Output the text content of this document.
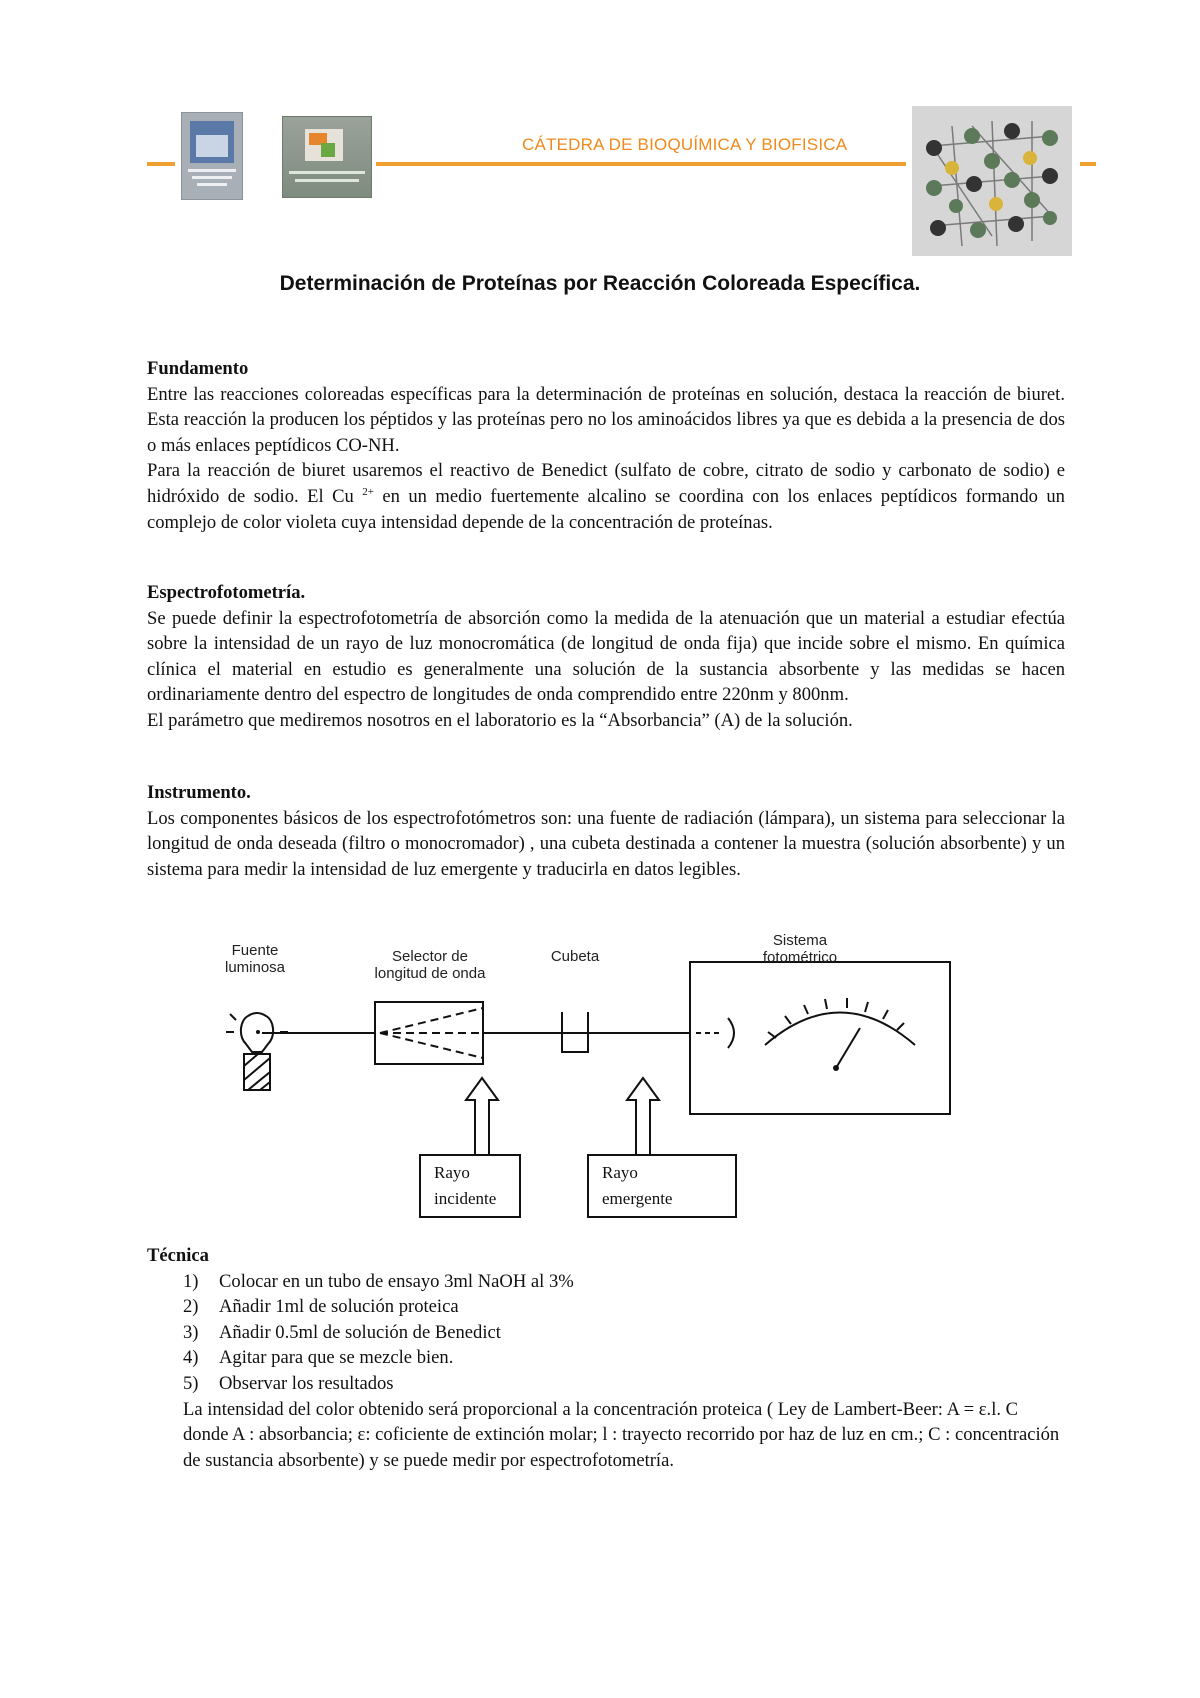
CÁTEDRA DE BIOQUÍMICA Y BIOFISICA
Determinación de Proteínas por Reacción Coloreada Específica.
Fundamento

Entre las reacciones coloreadas específicas para la determinación de proteínas en solución, destaca la reacción de biuret. Esta reacción la producen los péptidos y las proteínas pero no los aminoácidos libres ya que es debida a la presencia de dos o más enlaces peptídicos CO-NH.

Para la reacción de biuret usaremos el reactivo de Benedict (sulfato de cobre, citrato de sodio y carbonato de sodio) e hidróxido de sodio. El Cu $^{2+}$ en un medio fuertemente alcalino se coordina con los enlaces peptídicos formando un complejo de color violeta cuya intensidad depende de la concentración de proteínas.

Espectrofotometría.

Se puede definir la espectrofotometría de absorción como la medida de la atenuación que un material a estudiar efectúa sobre la intensidad de un rayo de luz monocromática (de longitud de onda fija) que incide sobre el mismo. En química clínica el material en estudio es generalmente una solución de la sustancia absorbente y las medidas se hacen ordinariamente dentro del espectro de longitudes de onda comprendido entre 220nm y 800nm.

El parámetro que mediremos nosotros en el laboratorio es la “Absorbancia” (A) de la solución.

Instrumento.

Los componentes básicos de los espectrofotómetros son: una fuente de radiación (lámpara), un sistema para seleccionar la longitud de onda deseada (filtro o monocromador) , una cubeta destinada a contener la muestra (solución absorbente) y un sistema para medir la intensidad de luz emergente y traducirla en datos legibles.

Fuente
luminosa
Selector de
longitud de onda
Cubeta
Sistema
fotométrico
Rayo
incidente
Rayo
emergente
Técnica
1)	Colocar en un tubo de ensayo 3ml NaOH al 3%
2)	Añadir 1ml de solución proteica
3)	Añadir 0.5ml de solución de Benedict
4)	Agitar para que se mezcle bien.
5)	Observar los resultados
La intensidad del color obtenido será proporcional a la concentración proteica ( Ley de Lambert-Beer: A = ε.l. C donde A : absorbancia; ε: coficiente de extinción molar; l : trayecto recorrido por haz de luz en cm.; C : concentración de sustancia absorbente) y se puede medir por espectrofotometría.
